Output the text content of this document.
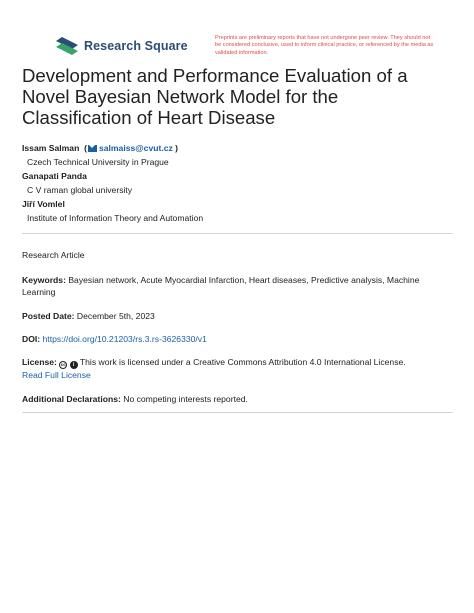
Research Square
Preprints are preliminary reports that have not undergone peer review. They should not be considered conclusive, used to inform clinical practice, or referenced by the media as validated information.
Development and Performance Evaluation of a Novel Bayesian Network Model for the Classification of Heart Disease
Issam Salman ( salmaiss@cvut.cz )
Czech Technical University in Prague
Ganapati Panda
C V raman global university
Jiří Vomlel
Institute of Information Theory and Automation
Research Article
Keywords: Bayesian network, Acute Myocardial Infarction, Heart diseases, Predictive analysis, Machine Learning
Posted Date: December 5th, 2023
DOI: https://doi.org/10.21203/rs.3.rs-3626330/v1
License: cc i This work is licensed under a Creative Commons Attribution 4.0 International License.
Read Full License
Additional Declarations: No competing interests reported.
